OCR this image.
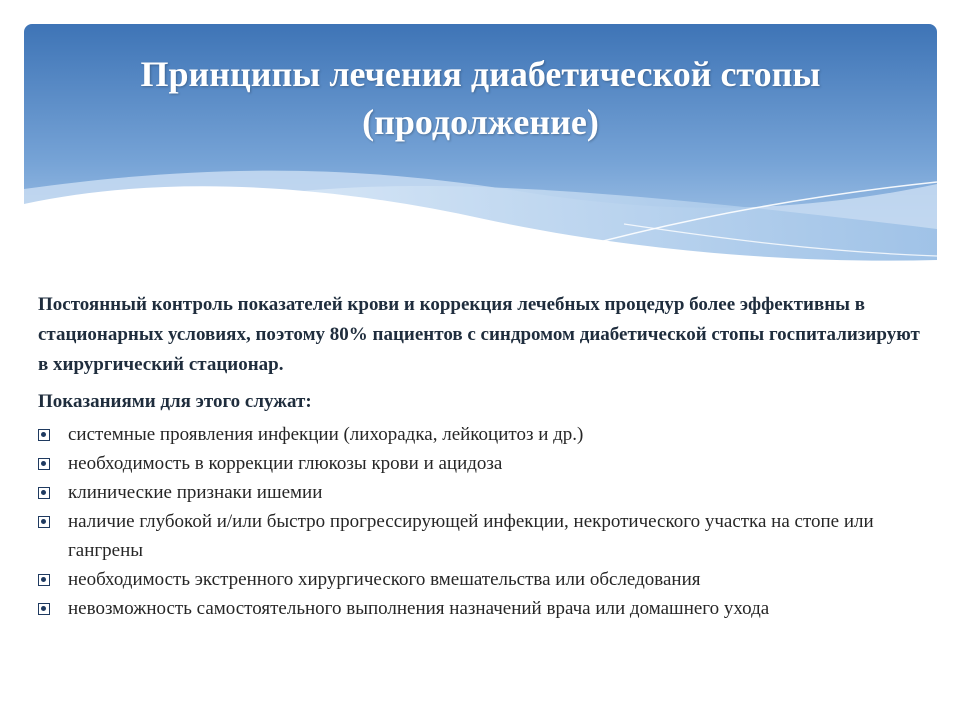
Принципы лечения диабетической стопы
(продолжение)

Постоянный контроль показателей крови и коррекция лечебных процедур более эффективны в стационарных условиях, поэтому 80% пациентов с синдромом диабетической стопы госпитализируют в хирургический стационар.

Показаниями для этого служат:

системные проявления инфекции (лихорадка, лейкоцитоз и др.)
необходимость в коррекции глюкозы крови и ацидоза
клинические признаки ишемии
наличие глубокой и/или быстро прогрессирующей инфекции, некротического участка на стопе или гангрены
необходимость экстренного хирургического вмешательства или обследования
невозможность самостоятельного выполнения назначений врача или домашнего ухода
